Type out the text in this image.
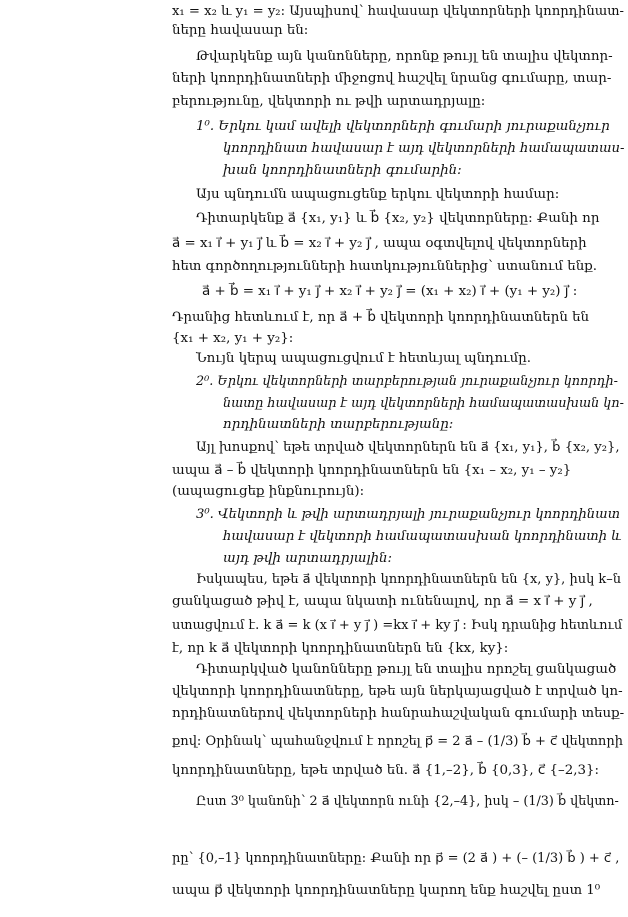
x₁ = x₂ և y₁ = y₂: Այսպիսով՝ հավասար վեկտորների կոորդինատ-
ները հավասար են:
Թվարկենք այն կանոնները, որոնք թույլ են տալիս վեկտոր-
ների կոորդինատների միջոցով հաշվել նրանց գումարը, տար-
բերությունը, վեկտորի ու թվի արտադրյալը:
1⁰. Երկու կամ ավելի վեկտորների գումարի յուրաքանչյուր
կոորդինատ հավասար է այդ վեկտորների համապատաս-
խան կոորդինատների գումարին:
Այս պնդումն ապացուցենք երկու վեկտորի համար:
Դիտարկենք a⃗ {x₁, y₁} և b⃗ {x₂, y₂} վեկտորները: Քանի որ
a⃗ = x₁ i⃗ + y₁ j⃗ և b⃗ = x₂ i⃗ + y₂ j⃗ , ապա օգտվելով վեկտորների
հետ գործողությունների հատկություններից՝ ստանում ենք.
a⃗ + b⃗ = x₁ i⃗ + y₁ j⃗ + x₂ i⃗ + y₂ j⃗ = (x₁ + x₂) i⃗ + (y₁ + y₂) j⃗ :
Դրանից հետևում է, որ a⃗ + b⃗ վեկտորի կոորդինատներն են
{x₁ + x₂, y₁ + y₂}:
Նույն կերպ ապացուցվում է հետևյալ պնդումը.
2⁰. Երկու վեկտորների տարբերության յուրաքանչյուր կոորդի-
նատը հավասար է այդ վեկտորների համապատասխան կո-
որդինատների տարբերությանը:
Այլ խոսքով՝ եթե տրված վեկտորներն են a⃗ {x₁, y₁}, b⃗ {x₂, y₂},
ապա a⃗ – b⃗ վեկտորի կոորդինատներն են {x₁ – x₂, y₁ – y₂}
(ապացուցեք ինքնուրույն):
3⁰. Վեկտորի և թվի արտադրյալի յուրաքանչյուր կոորդինատ
հավասար է վեկտորի համապատասխան կոորդինատի և
այդ թվի արտադրյալին:
Իսկապես, եթե a⃗ վեկտորի կոորդինատներն են {x, y}, իսկ k–ն
ցանկացած թիվ է, ապա նկատի ունենալով, որ a⃗ = x i⃗ + y j⃗ ,
ստացվում է. k a⃗ = k (x i⃗ + y j⃗ ) =kx i⃗ + ky j⃗ : Իսկ դրանից հետևում
է, որ k a⃗ վեկտորի կոորդինատներն են {kx, ky}:
Դիտարկված կանոնները թույլ են տալիս որոշել ցանկացած
վեկտորի կոորդինատները, եթե այն ներկայացված է տրված կո-
որդինատներով վեկտորների հանրահաշվական գումարի տեսք-
քով: Օրինակ՝ պահանջվում է որոշել p⃗ = 2 a⃗ – (1/3) b⃗ + c⃗ վեկտորի
կոորդինատները, եթե տրված են. a⃗ {1,–2}, b⃗ {0,3}, c⃗ {–2,3}:
Ըստ 3⁰ կանոնի՝ 2 a⃗ վեկտորն ունի {2,–4}, իսկ – (1/3) b⃗ վեկտո-
րը՝ {0,–1} կոորդինատները: Քանի որ p⃗ = (2 a⃗ ) + (– (1/3) b⃗ ) + c⃗ ,
ապա p⃗ վեկտորի կոորդինատները կարող ենք հաշվել ըստ 1⁰
